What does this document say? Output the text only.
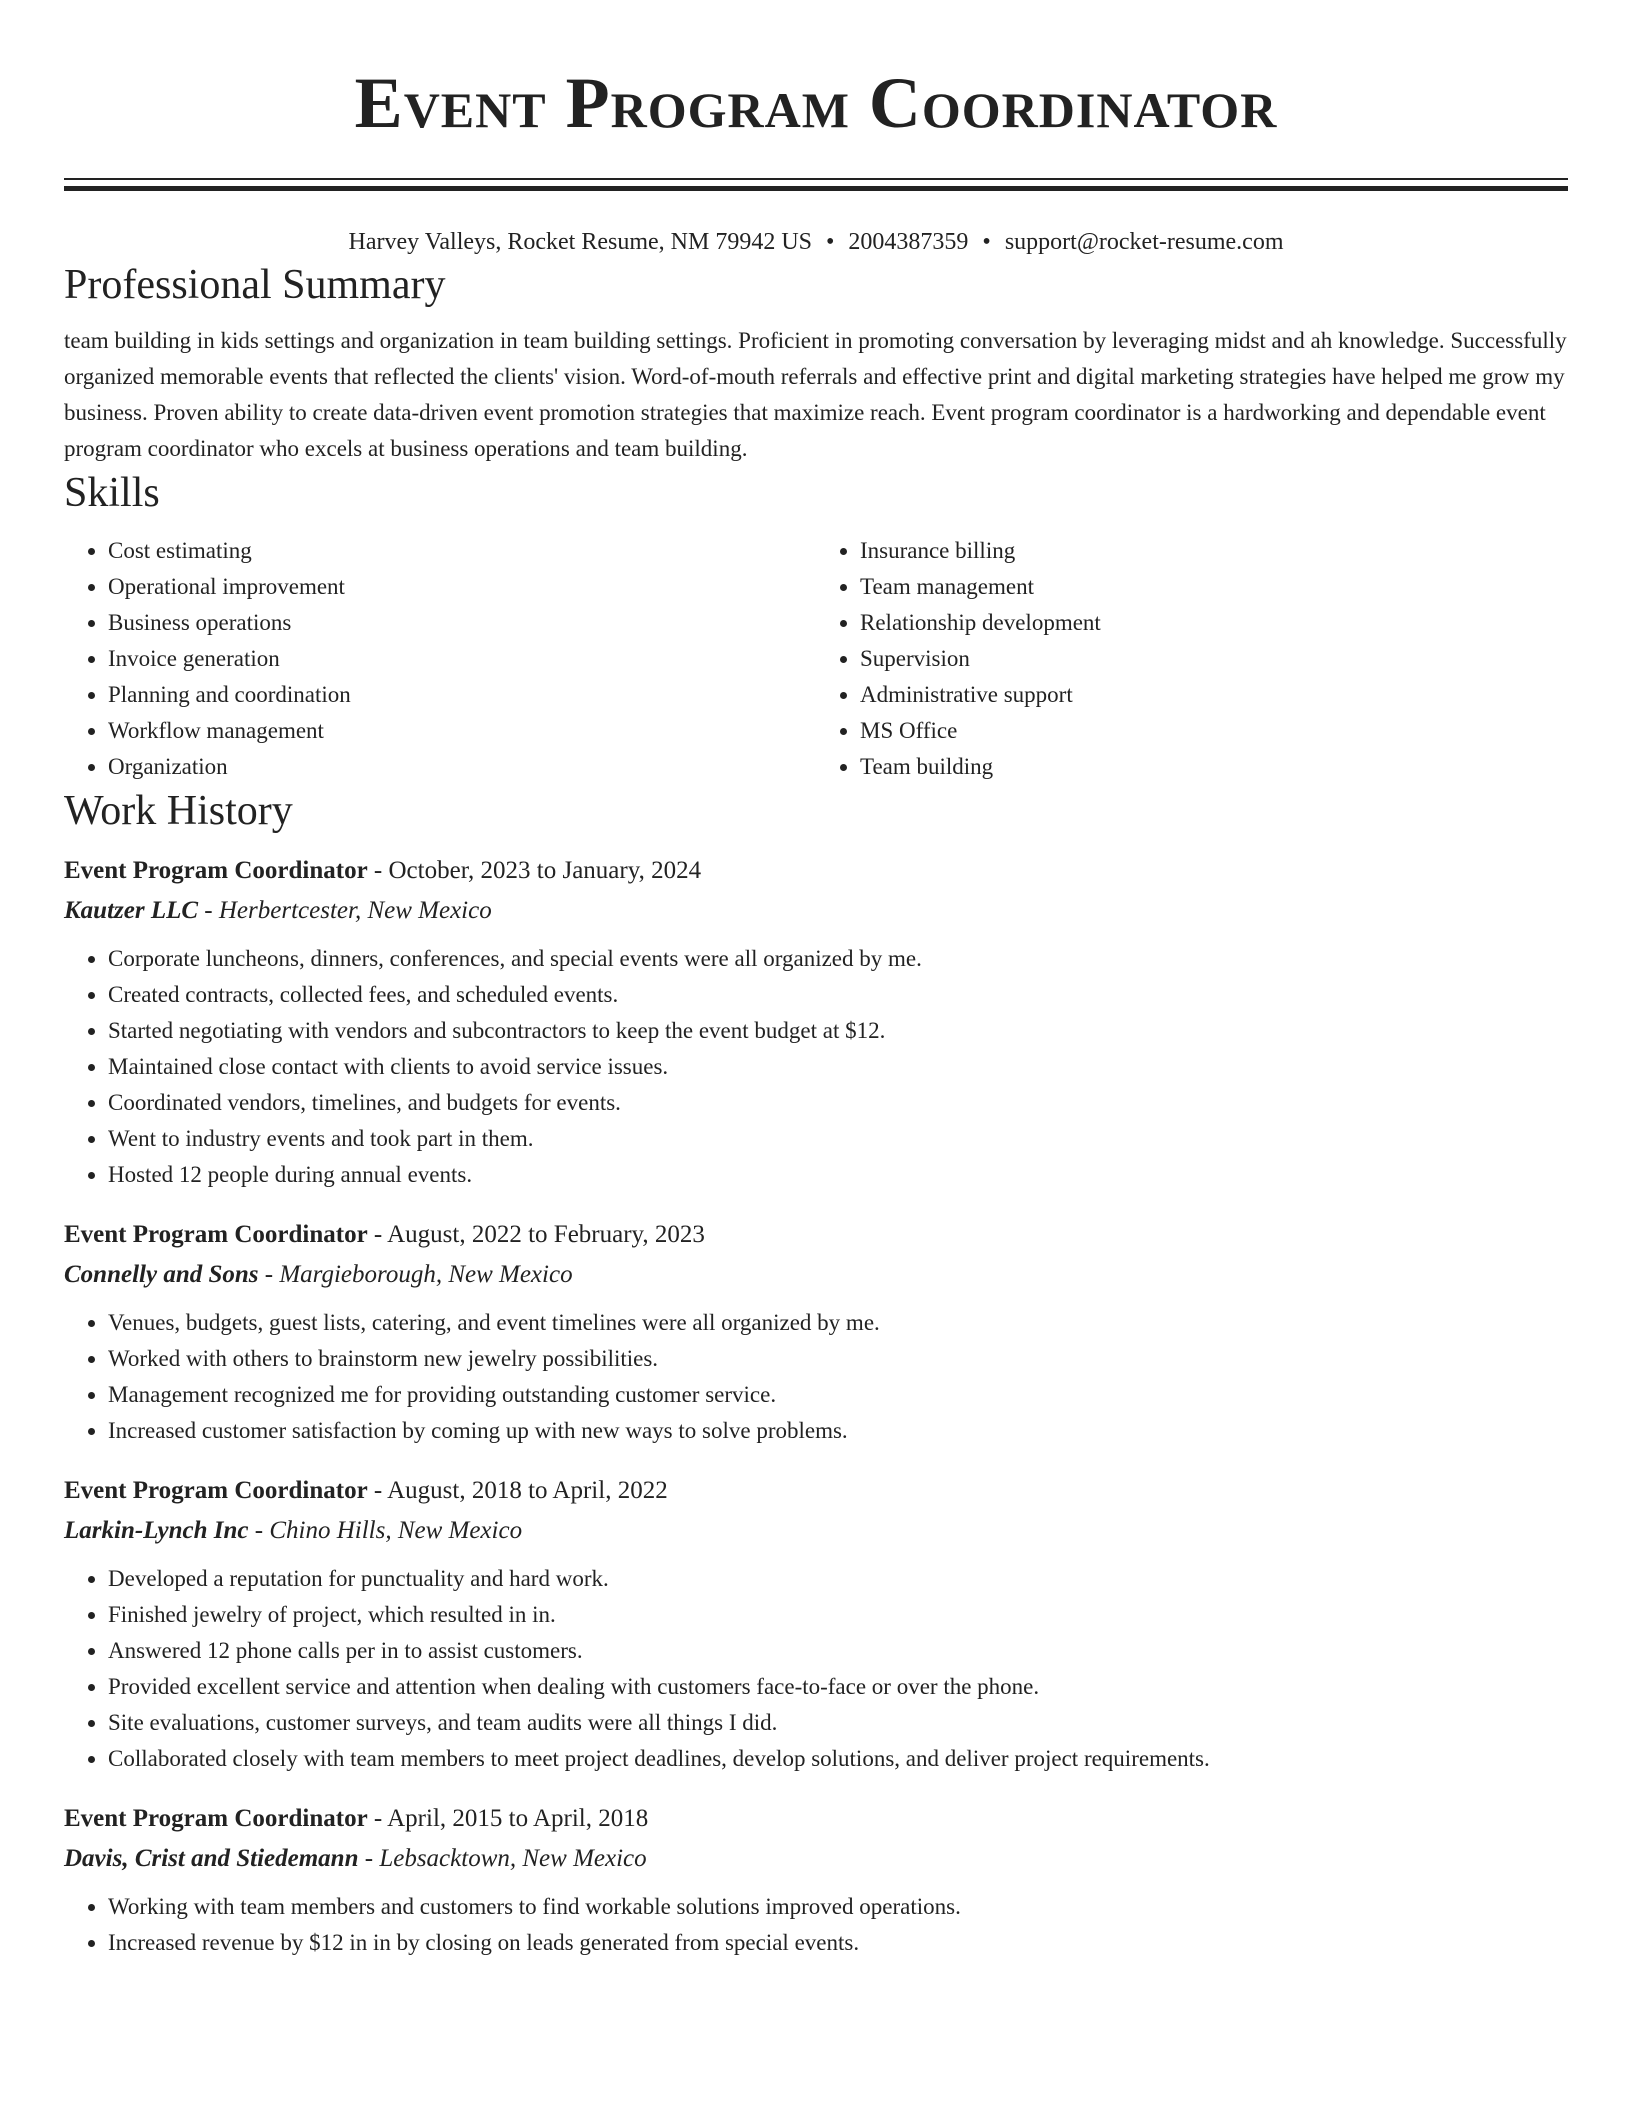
Event Program Coordinator
Harvey Valleys, Rocket Resume, NM 79942 US • 2004387359 • support@rocket-resume.com
Professional Summary

team building in kids settings and organization in team building settings. Proficient in promoting conversation by leveraging midst and ah knowledge. Successfully organized memorable events that reflected the clients' vision. Word-of-mouth referrals and effective print and digital marketing strategies have helped me grow my business. Proven ability to create data-driven event promotion strategies that maximize reach. Event program coordinator is a hardworking and dependable event program coordinator who excels at business operations and team building.

Skills
• Cost estimating
• Operational improvement
• Business operations
• Invoice generation
• Planning and coordination
• Workflow management
• Organization
• Insurance billing
• Team management
• Relationship development
• Supervision
• Administrative support
• MS Office
• Team building
Work History
Event Program Coordinator - October, 2023 to January, 2024
Kautzer LLC - Herbertcester, New Mexico
• Corporate luncheons, dinners, conferences, and special events were all organized by me.
• Created contracts, collected fees, and scheduled events.
• Started negotiating with vendors and subcontractors to keep the event budget at $12.
• Maintained close contact with clients to avoid service issues.
• Coordinated vendors, timelines, and budgets for events.
• Went to industry events and took part in them.
• Hosted 12 people during annual events.
Event Program Coordinator - August, 2022 to February, 2023
Connelly and Sons - Margieborough, New Mexico
• Venues, budgets, guest lists, catering, and event timelines were all organized by me.
• Worked with others to brainstorm new jewelry possibilities.
• Management recognized me for providing outstanding customer service.
• Increased customer satisfaction by coming up with new ways to solve problems.
Event Program Coordinator - August, 2018 to April, 2022
Larkin-Lynch Inc - Chino Hills, New Mexico
• Developed a reputation for punctuality and hard work.
• Finished jewelry of project, which resulted in in.
• Answered 12 phone calls per in to assist customers.
• Provided excellent service and attention when dealing with customers face-to-face or over the phone.
• Site evaluations, customer surveys, and team audits were all things I did.
• Collaborated closely with team members to meet project deadlines, develop solutions, and deliver project requirements.
Event Program Coordinator - April, 2015 to April, 2018
Davis, Crist and Stiedemann - Lebsacktown, New Mexico
• Working with team members and customers to find workable solutions improved operations.
• Increased revenue by $12 in in by closing on leads generated from special events.
